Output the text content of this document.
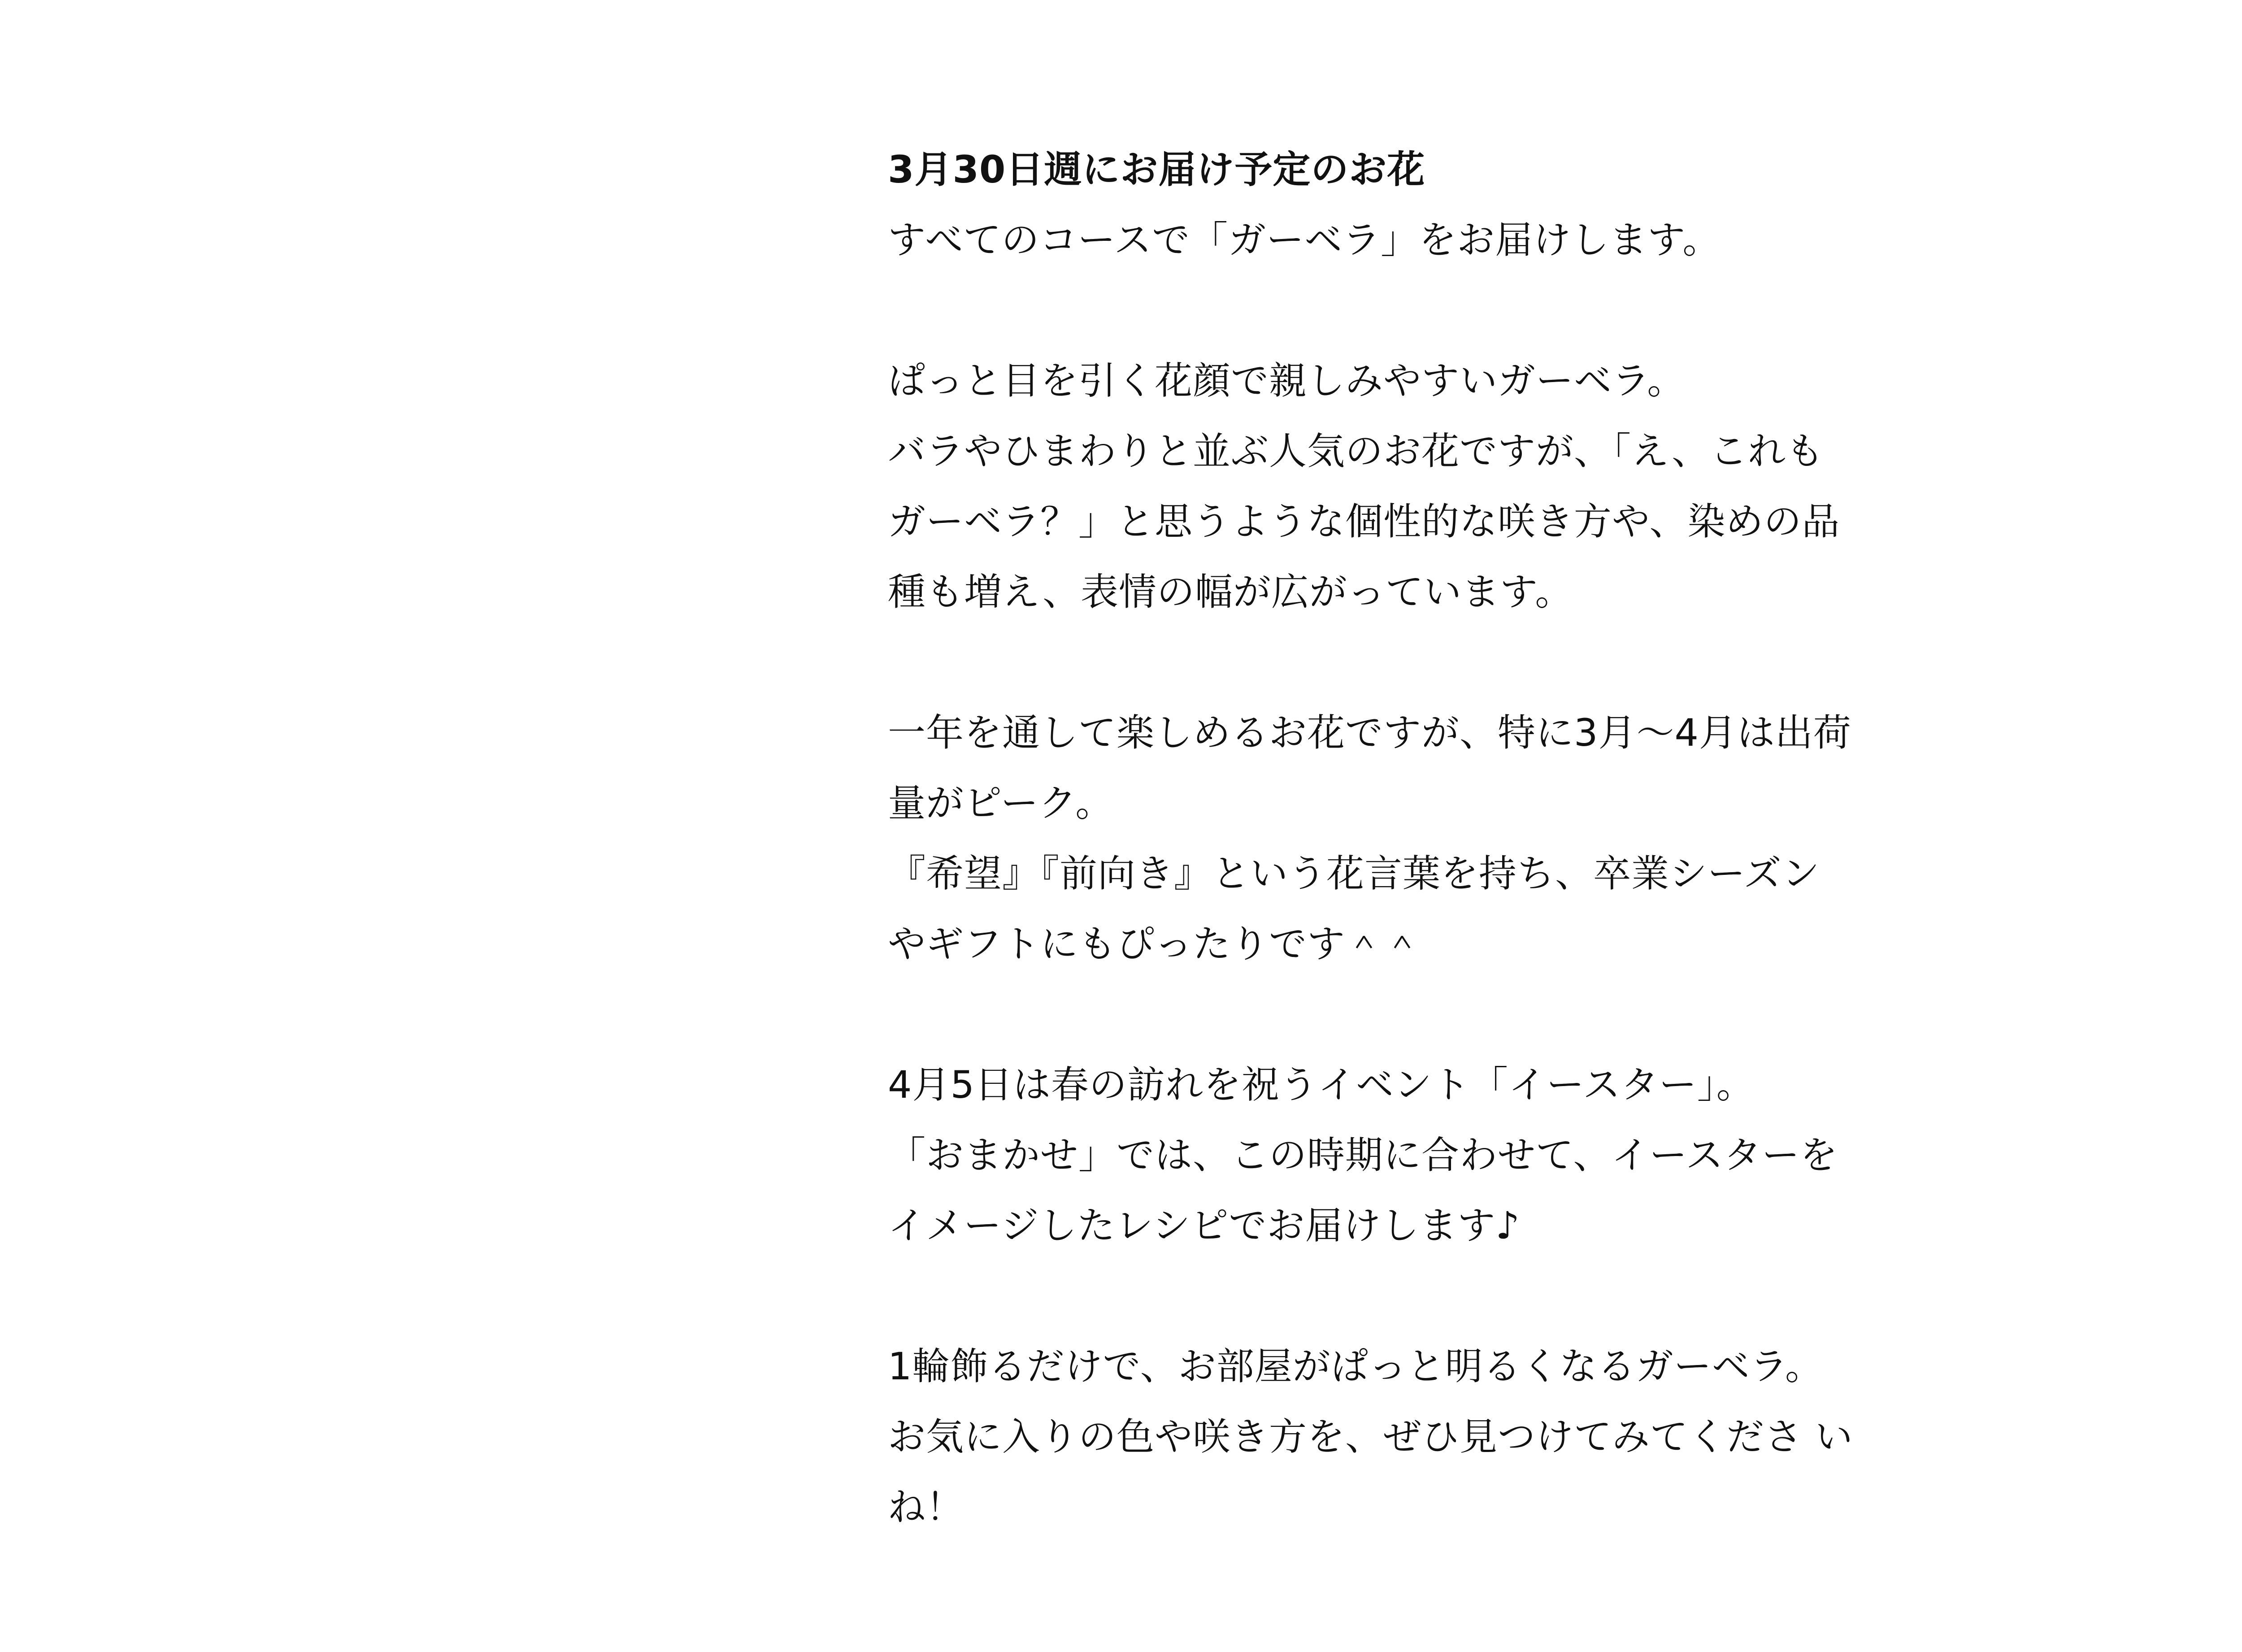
3月30日週にお届け予定のお花

すべてのコースで「ガーベラ」をお届けします。

ぱっと目を引く花顔で親しみやすいガーベラ。

バラやひまわりと並ぶ人気のお花ですが、「え、これも

ガーベラ？」と思うような個性的な咲き方や、染めの品

種も増え、表情の幅が広がっています。

一年を通して楽しめるお花ですが、特に3月〜4月は出荷

量がピーク。

『希望』『前向き』という花言葉を持ち、卒業シーズン

やギフトにもぴったりです＾＾

4月5日は春の訪れを祝うイベント「イースター」。

「おまかせ」では、この時期に合わせて、イースターを

イメージしたレシピでお届けします♪

1輪飾るだけで、お部屋がぱっと明るくなるガーベラ。

お気に入りの色や咲き方を、ぜひ見つけてみてくださ い

ね！
